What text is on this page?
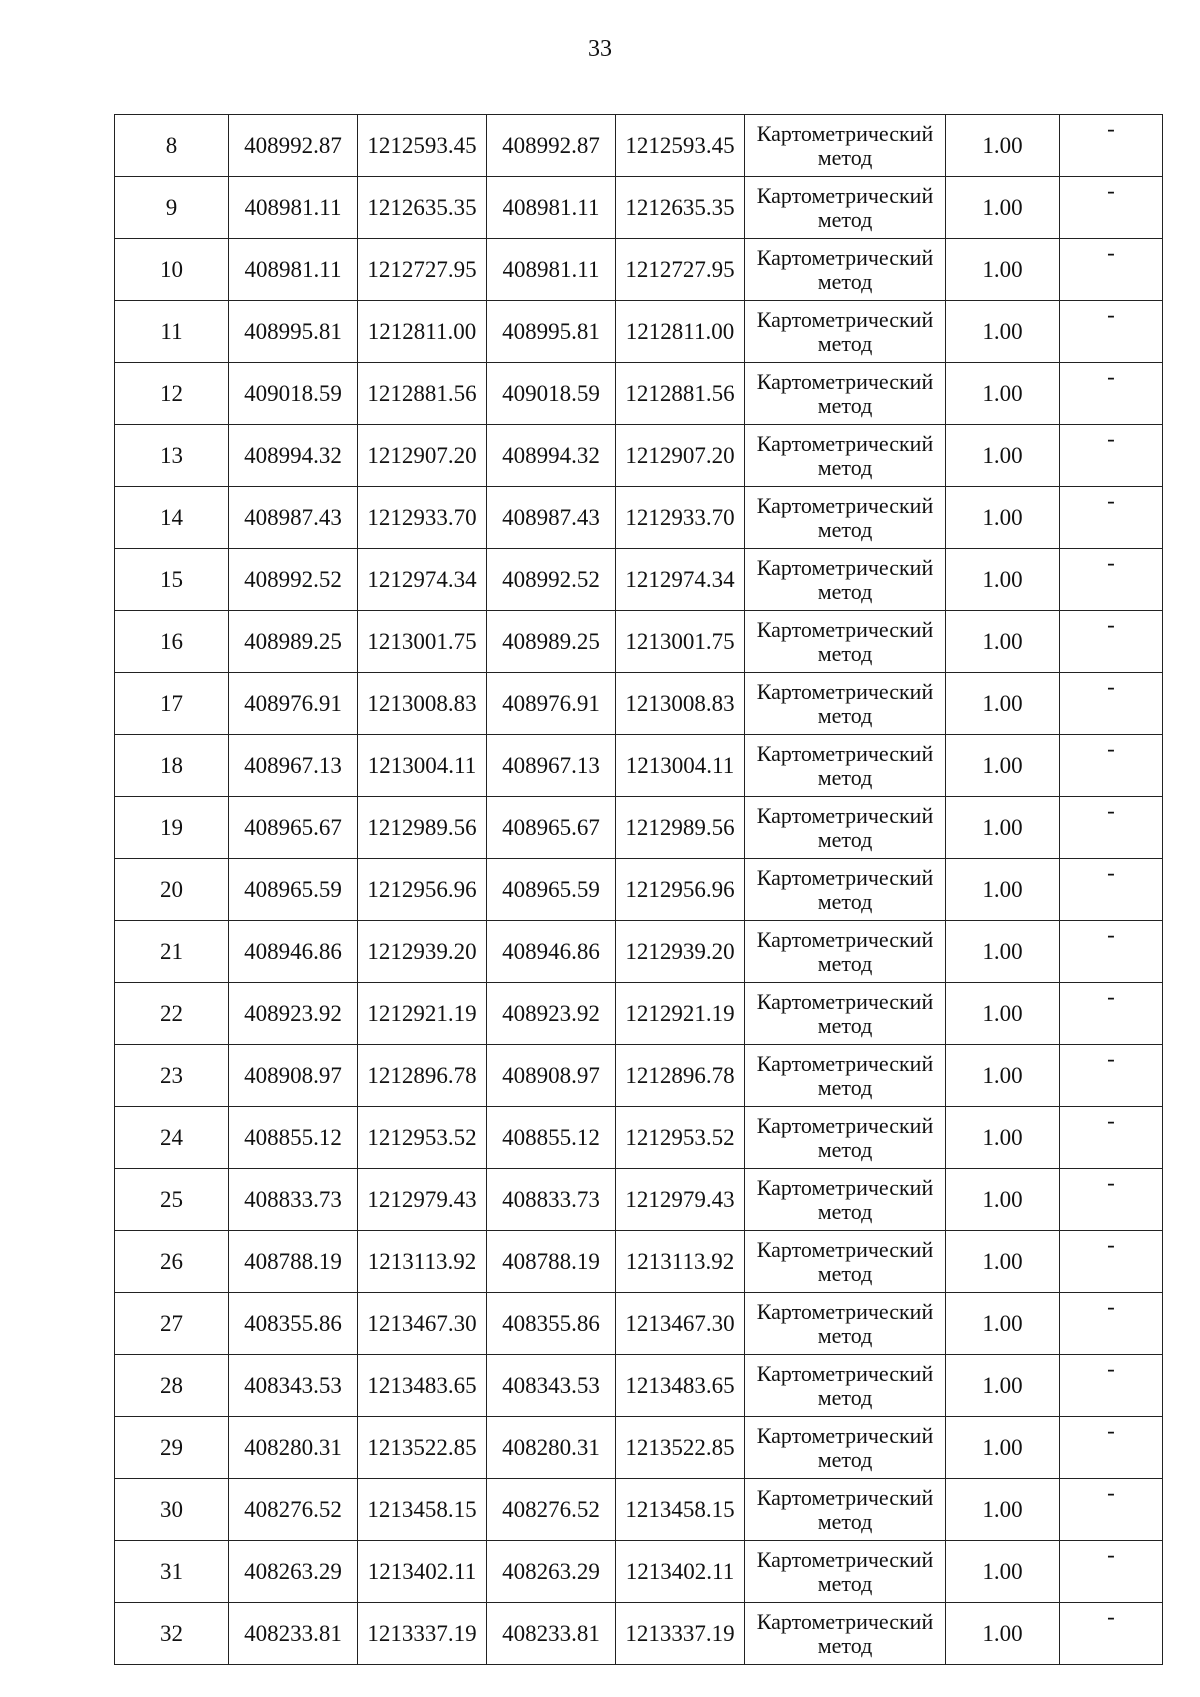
33
8	408992.87	1212593.45	408992.87	1212593.45	Картометрический
метод	1.00	-
9	408981.11	1212635.35	408981.11	1212635.35	Картометрический
метод	1.00	-
10	408981.11	1212727.95	408981.11	1212727.95	Картометрический
метод	1.00	-
11	408995.81	1212811.00	408995.81	1212811.00	Картометрический
метод	1.00	-
12	409018.59	1212881.56	409018.59	1212881.56	Картометрический
метод	1.00	-
13	408994.32	1212907.20	408994.32	1212907.20	Картометрический
метод	1.00	-
14	408987.43	1212933.70	408987.43	1212933.70	Картометрический
метод	1.00	-
15	408992.52	1212974.34	408992.52	1212974.34	Картометрический
метод	1.00	-
16	408989.25	1213001.75	408989.25	1213001.75	Картометрический
метод	1.00	-
17	408976.91	1213008.83	408976.91	1213008.83	Картометрический
метод	1.00	-
18	408967.13	1213004.11	408967.13	1213004.11	Картометрический
метод	1.00	-
19	408965.67	1212989.56	408965.67	1212989.56	Картометрический
метод	1.00	-
20	408965.59	1212956.96	408965.59	1212956.96	Картометрический
метод	1.00	-
21	408946.86	1212939.20	408946.86	1212939.20	Картометрический
метод	1.00	-
22	408923.92	1212921.19	408923.92	1212921.19	Картометрический
метод	1.00	-
23	408908.97	1212896.78	408908.97	1212896.78	Картометрический
метод	1.00	-
24	408855.12	1212953.52	408855.12	1212953.52	Картометрический
метод	1.00	-
25	408833.73	1212979.43	408833.73	1212979.43	Картометрический
метод	1.00	-
26	408788.19	1213113.92	408788.19	1213113.92	Картометрический
метод	1.00	-
27	408355.86	1213467.30	408355.86	1213467.30	Картометрический
метод	1.00	-
28	408343.53	1213483.65	408343.53	1213483.65	Картометрический
метод	1.00	-
29	408280.31	1213522.85	408280.31	1213522.85	Картометрический
метод	1.00	-
30	408276.52	1213458.15	408276.52	1213458.15	Картометрический
метод	1.00	-
31	408263.29	1213402.11	408263.29	1213402.11	Картометрический
метод	1.00	-
32	408233.81	1213337.19	408233.81	1213337.19	Картометрический
метод	1.00	-
